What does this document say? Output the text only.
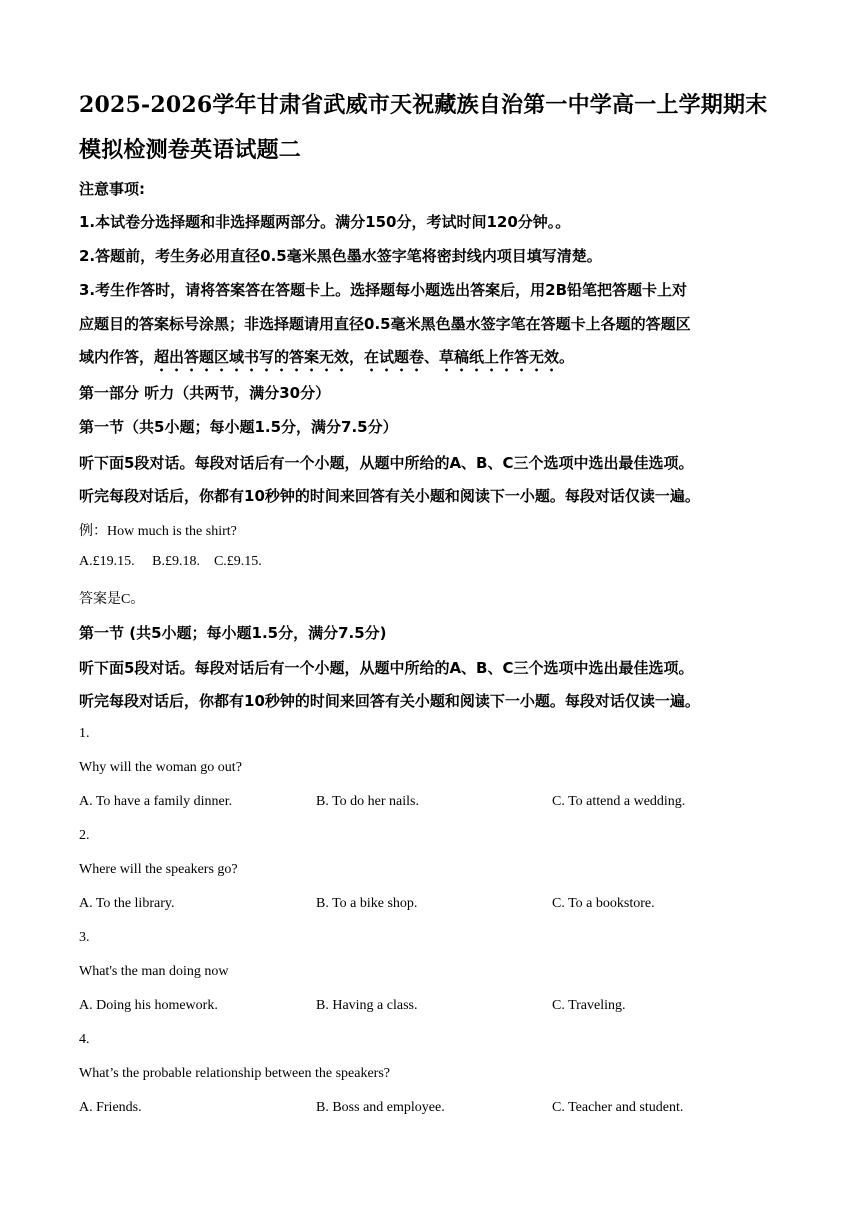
2025-2026学年甘肃省武威市天祝藏族自治第一中学高一上学期期末
模拟检测卷英语试题二
注意事项:
1.本试卷分选择题和非选择题两部分。满分150分，考试时间120分钟。。
2.答题前，考生务必用直径0.5毫米黑色墨水签字笔将密封线内项目填写清楚。
3.考生作答时，请将答案答在答题卡上。选择题每小题选出答案后，用2B铅笔把答题卡上对
应题目的答案标号涂黑；非选择题请用直径0.5毫米黑色墨水签字笔在答题卡上各题的答题区
域内作答，超出答题区域书写的答案无效，在试题卷、草稿纸上作答无效。
第一部分 听力（共两节，满分30分）
第一节（共5小题；每小题1.5分，满分7.5分）
听下面5段对话。每段对话后有一个小题，从题中所给的A、B、C三个选项中选出最佳选项。
听完每段对话后，你都有10秒钟的时间来回答有关小题和阅读下一小题。每段对话仅读一遍。
例：How much is the shirt?
A.£19.15.     B.£9.18.    C.£9.15.
答案是C。
第一节 (共5小题；每小题1.5分，满分7.5分)
听下面5段对话。每段对话后有一个小题，从题中所给的A、B、C三个选项中选出最佳选项。
听完每段对话后，你都有10秒钟的时间来回答有关小题和阅读下一小题。每段对话仅读一遍。
1.
Why will the woman go out?
A. To have a family dinner.	B. To do her nails.	C. To attend a wedding.
2.
Where will the speakers go?
A. To the library.	B. To a bike shop.	C. To a bookstore.
3.
What's the man doing now
A. Doing his homework.	B. Having a class.	C. Traveling.
4.
What’s the probable relationship between the speakers?
A. Friends.	B. Boss and employee.	C. Teacher and student.
